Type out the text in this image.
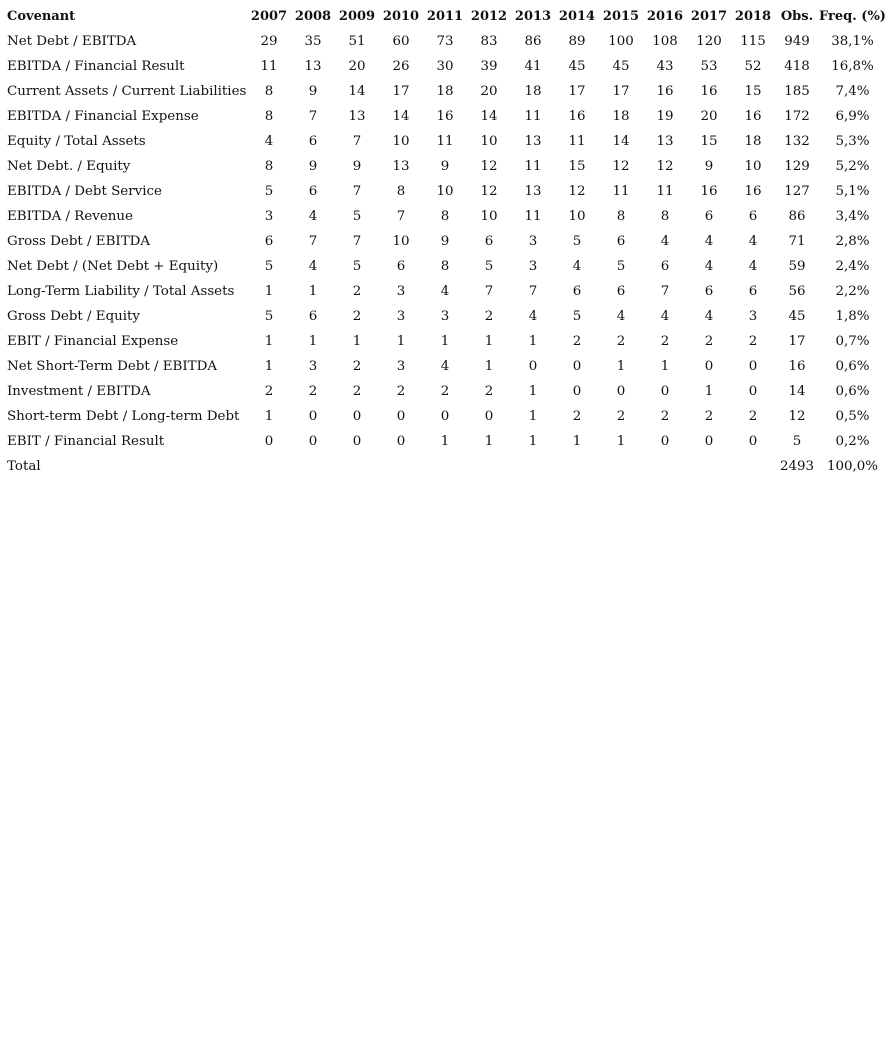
Covenant	2007	2008	2009	2010	2011	2012	2013	2014	2015	2016	2017	2018	Obs.	Freq. (%)
Net Debt / EBITDA	29	35	51	60	73	83	86	89	100	108	120	115	949	38,1%
EBITDA / Financial Result	11	13	20	26	30	39	41	45	45	43	53	52	418	16,8%
Current Assets / Current Liabilities	8	9	14	17	18	20	18	17	17	16	16	15	185	7,4%
EBITDA / Financial Expense	8	7	13	14	16	14	11	16	18	19	20	16	172	6,9%
Equity / Total Assets	4	6	7	10	11	10	13	11	14	13	15	18	132	5,3%
Net Debt. / Equity	8	9	9	13	9	12	11	15	12	12	9	10	129	5,2%
EBITDA / Debt Service	5	6	7	8	10	12	13	12	11	11	16	16	127	5,1%
EBITDA / Revenue	3	4	5	7	8	10	11	10	8	8	6	6	86	3,4%
Gross Debt / EBITDA	6	7	7	10	9	6	3	5	6	4	4	4	71	2,8%
Net Debt / (Net Debt + Equity)	5	4	5	6	8	5	3	4	5	6	4	4	59	2,4%
Long-Term Liability / Total Assets	1	1	2	3	4	7	7	6	6	7	6	6	56	2,2%
Gross Debt / Equity	5	6	2	3	3	2	4	5	4	4	4	3	45	1,8%
EBIT / Financial Expense	1	1	1	1	1	1	1	2	2	2	2	2	17	0,7%
Net Short-Term Debt / EBITDA	1	3	2	3	4	1	0	0	1	1	0	0	16	0,6%
Investment / EBITDA	2	2	2	2	2	2	1	0	0	0	1	0	14	0,6%
Short-term Debt / Long-term Debt	1	0	0	0	0	0	1	2	2	2	2	2	12	0,5%
EBIT / Financial Result	0	0	0	0	1	1	1	1	1	0	0	0	5	0,2%
Total													2493	100,0%
